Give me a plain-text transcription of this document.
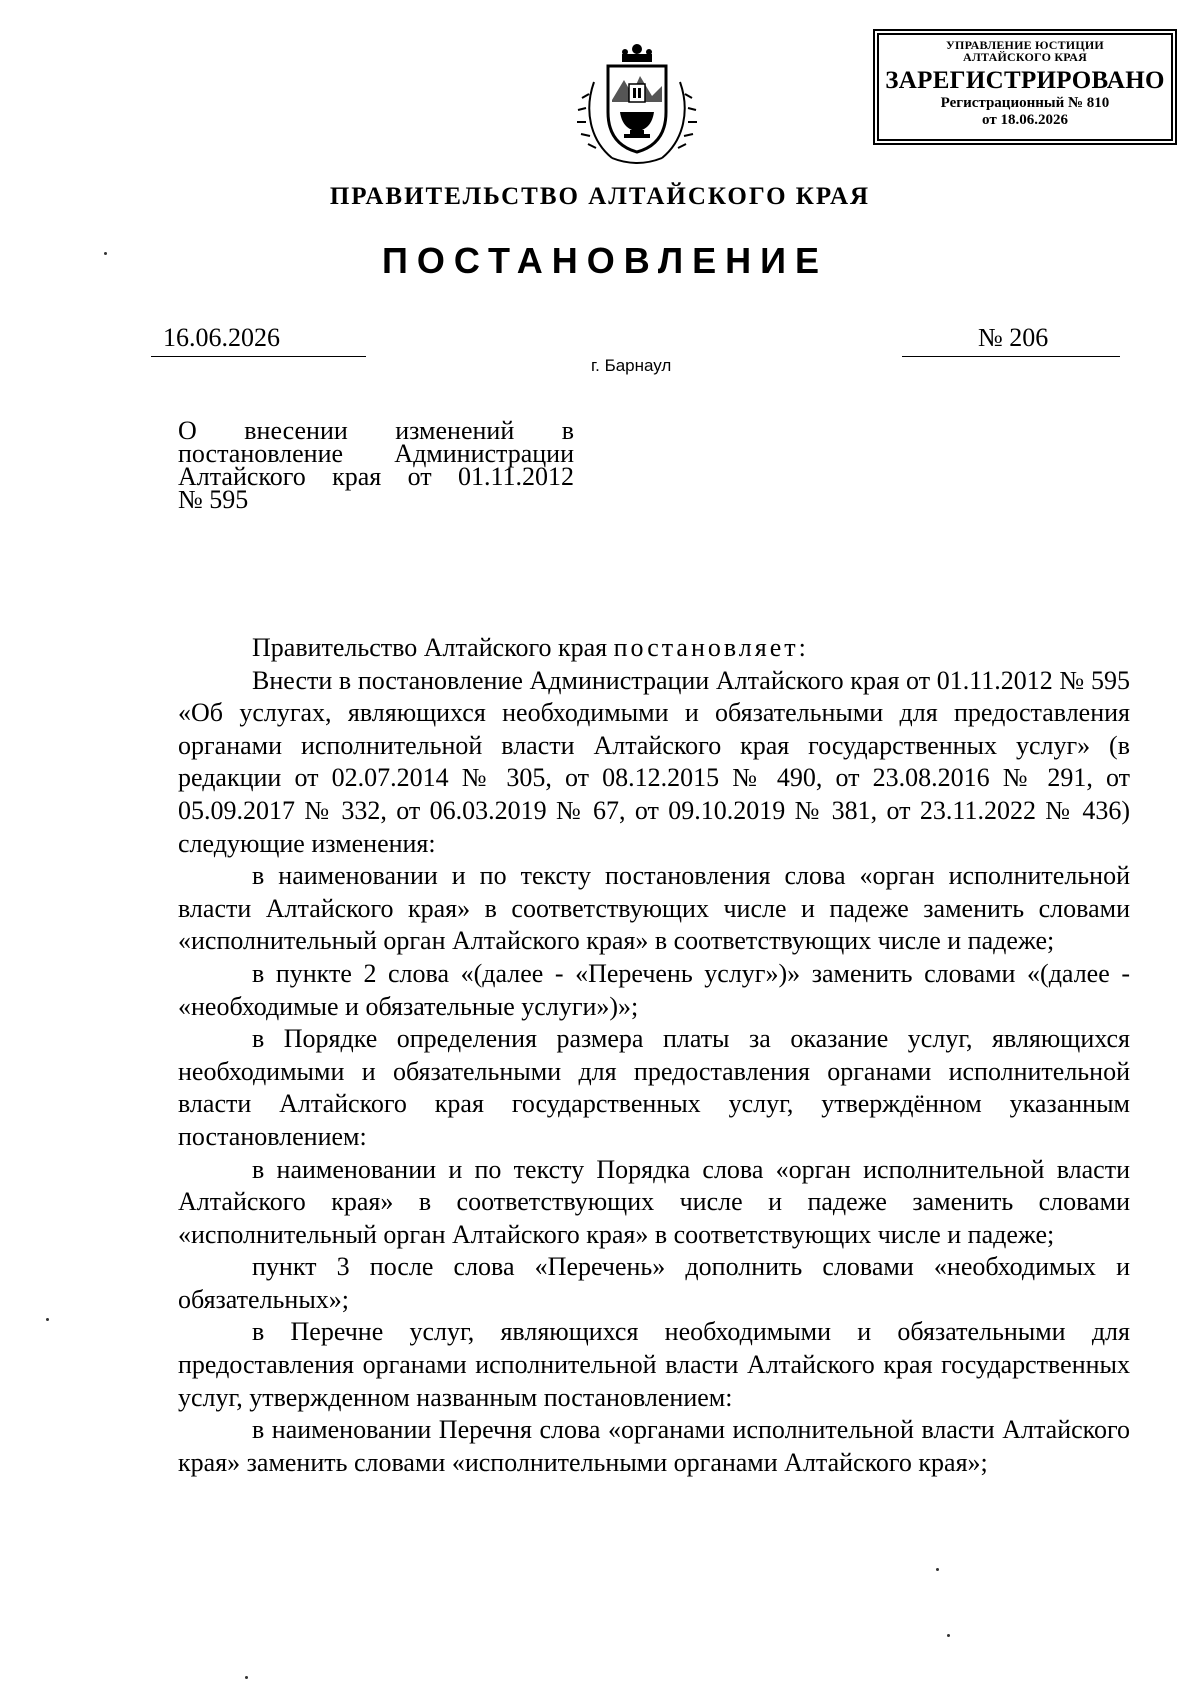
УПРАВЛЕНИЕ ЮСТИЦИИ
АЛТАЙСКОГО КРАЯ
ЗАРЕГИСТРИРОВАНО
Регистрационный № 810
от 18.06.2026
ПРАВИТЕЛЬСТВО АЛТАЙСКОГО КРАЯ
ПОСТАНОВЛЕНИЕ
16.06.2026	№ 206
г. Барнаул
О внесении изменений в
постановление Администрации
Алтайского края от 01.11.2012
№ 595

Правительство Алтайского края постановляет:

Внести в постановление Администрации Алтайского края от 01.11.2012 № 595 «Об услугах, являющихся необходимыми и обязательными для предоставления органами исполнительной власти Алтайского края государственных услуг» (в редакции от 02.07.2014 № 305, от 08.12.2015 № 490, от 23.08.2016 № 291, от 05.09.2017 № 332, от 06.03.2019 № 67, от 09.10.2019 № 381, от 23.11.2022 № 436) следующие изменения:

в наименовании и по тексту постановления слова «орган исполнительной власти Алтайского края» в соответствующих числе и падеже заменить словами «исполнительный орган Алтайского края» в соответствующих числе и падеже;

в пункте 2 слова «(далее - «Перечень услуг»)» заменить словами «(далее - «необходимые и обязательные услуги»)»;

в Порядке определения размера платы за оказание услуг, являющихся необходимыми и обязательными для предоставления органами исполнительной власти Алтайского края государственных услуг, утверждённом указанным постановлением:

в наименовании и по тексту Порядка слова «орган исполнительной власти Алтайского края» в соответствующих числе и падеже заменить словами «исполнительный орган Алтайского края» в соответствующих числе и падеже;

пункт 3 после слова «Перечень» дополнить словами «необходимых и обязательных»;

в Перечне услуг, являющихся необходимыми и обязательными для предоставления органами исполнительной власти Алтайского края государственных услуг, утвержденном названным постановлением:

в наименовании Перечня слова «органами исполнительной власти Алтайского края» заменить словами «исполнительными органами Алтайского края»;
